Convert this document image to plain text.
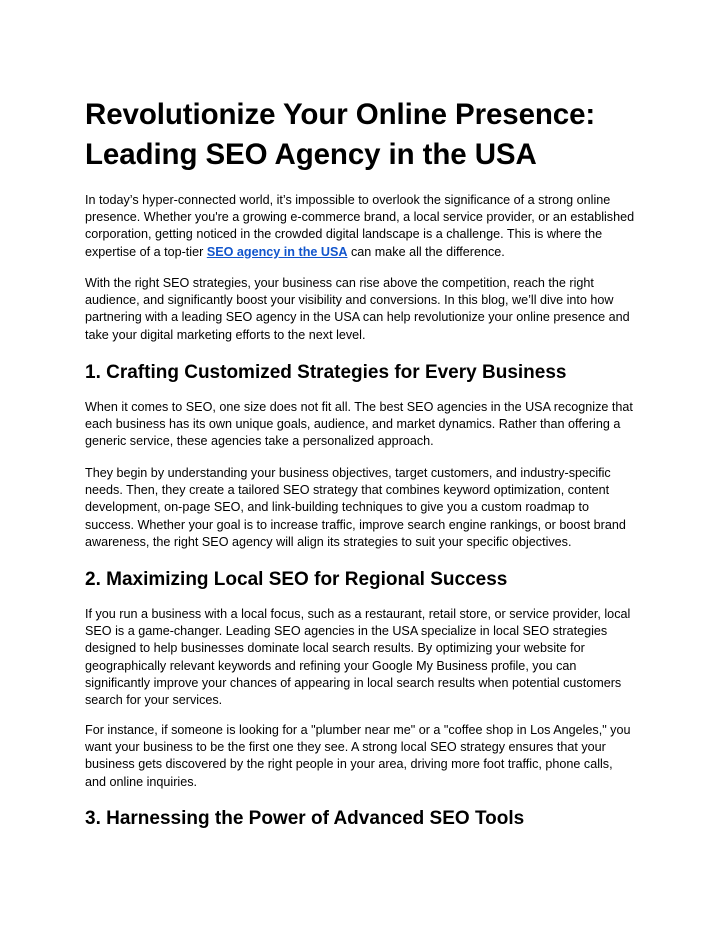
Revolutionize Your Online Presence: Leading SEO Agency in the USA

In today’s hyper-connected world, it’s impossible to overlook the significance of a strong online presence. Whether you're a growing e-commerce brand, a local service provider, or an established corporation, getting noticed in the crowded digital landscape is a challenge. This is where the expertise of a top-tier SEO agency in the USA can make all the difference.

With the right SEO strategies, your business can rise above the competition, reach the right audience, and significantly boost your visibility and conversions. In this blog, we’ll dive into how partnering with a leading SEO agency in the USA can help revolutionize your online presence and take your digital marketing efforts to the next level.

1. Crafting Customized Strategies for Every Business

When it comes to SEO, one size does not fit all. The best SEO agencies in the USA recognize that each business has its own unique goals, audience, and market dynamics. Rather than offering a generic service, these agencies take a personalized approach.

They begin by understanding your business objectives, target customers, and industry-specific needs. Then, they create a tailored SEO strategy that combines keyword optimization, content development, on-page SEO, and link-building techniques to give you a custom roadmap to success. Whether your goal is to increase traffic, improve search engine rankings, or boost brand awareness, the right SEO agency will align its strategies to suit your specific objectives.

2. Maximizing Local SEO for Regional Success

If you run a business with a local focus, such as a restaurant, retail store, or service provider, local SEO is a game-changer. Leading SEO agencies in the USA specialize in local SEO strategies designed to help businesses dominate local search results. By optimizing your website for geographically relevant keywords and refining your Google My Business profile, you can significantly improve your chances of appearing in local search results when potential customers search for your services.

For instance, if someone is looking for a "plumber near me" or a "coffee shop in Los Angeles," you want your business to be the first one they see. A strong local SEO strategy ensures that your business gets discovered by the right people in your area, driving more foot traffic, phone calls, and online inquiries.

3. Harnessing the Power of Advanced SEO Tools
